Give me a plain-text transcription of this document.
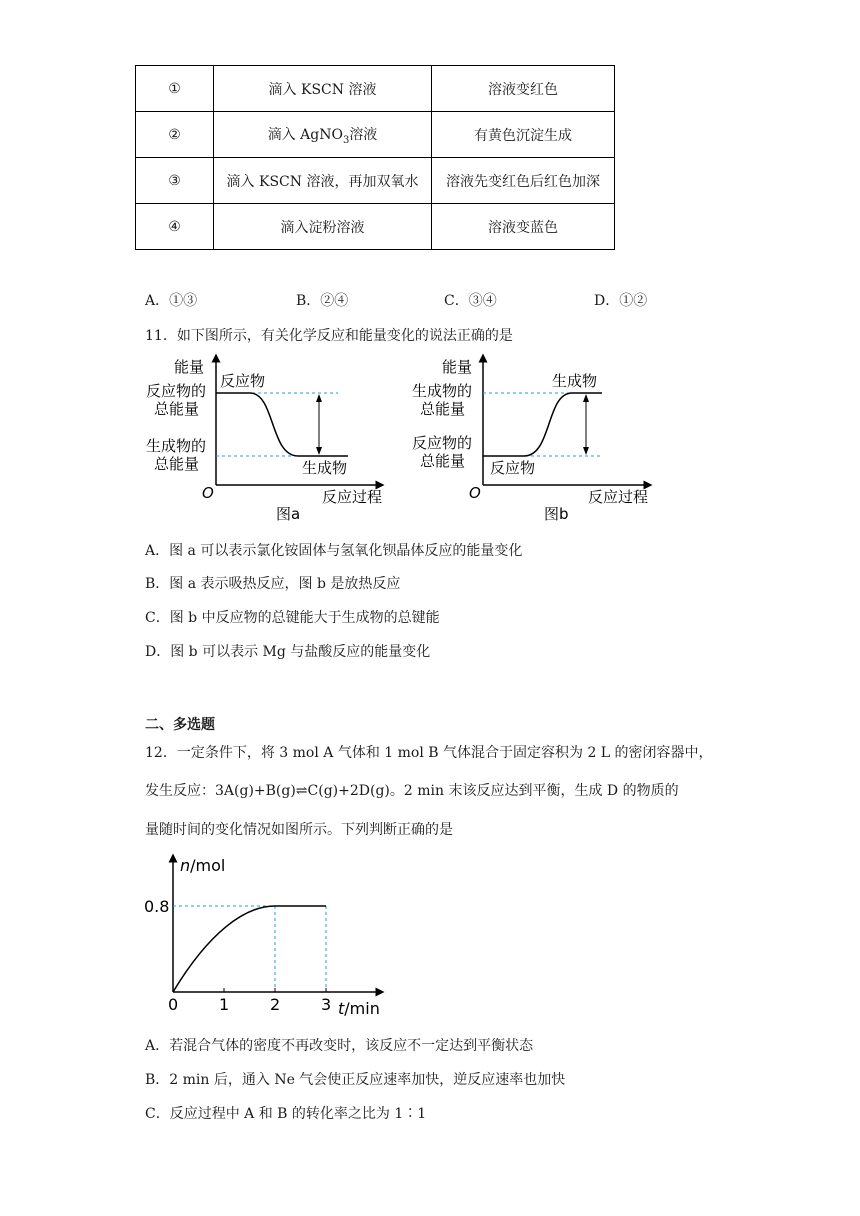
①	滴入 KSCN 溶液	溶液变红色
②	滴入 AgNO$_3$溶液	有黄色沉淀生成
③	滴入 KSCN 溶液，再加双氧水	溶液先变红色后红色加深
④	滴入淀粉溶液	溶液变蓝色
A．①③	B．②④	C．③④	D．①②
11．如下图所示，有关化学反应和能量变化的说法正确的是
能量
反应物的
总能量
生成物的
总能量
反应物
生成物
O	反应过程
图a
能量
生成物的
总能量
反应物的
总能量
生成物
反应物
O	反应过程
图b
A．图 a 可以表示氯化铵固体与氢氧化钡晶体反应的能量变化
B．图 a 表示吸热反应，图 b 是放热反应
C．图 b 中反应物的总键能大于生成物的总键能
D．图 b 可以表示 Mg 与盐酸反应的能量变化
二、多选题
12．一定条件下，将 3 mol A 气体和 1 mol B 气体混合于固定容积为 2 L 的密闭容器中，
发生反应：3A(g)+B(g)⇌C(g)+2D(g)。2 min 末该反应达到平衡，生成 D 的物质的
量随时间的变化情况如图所示。下列判断正确的是
0	1	2	3
0.8
n/mol
t/min
A．若混合气体的密度不再改变时，该反应不一定达到平衡状态
B．2 min 后，通入 Ne 气会使正反应速率加快，逆反应速率也加快
C．反应过程中 A 和 B 的转化率之比为 1∶1
